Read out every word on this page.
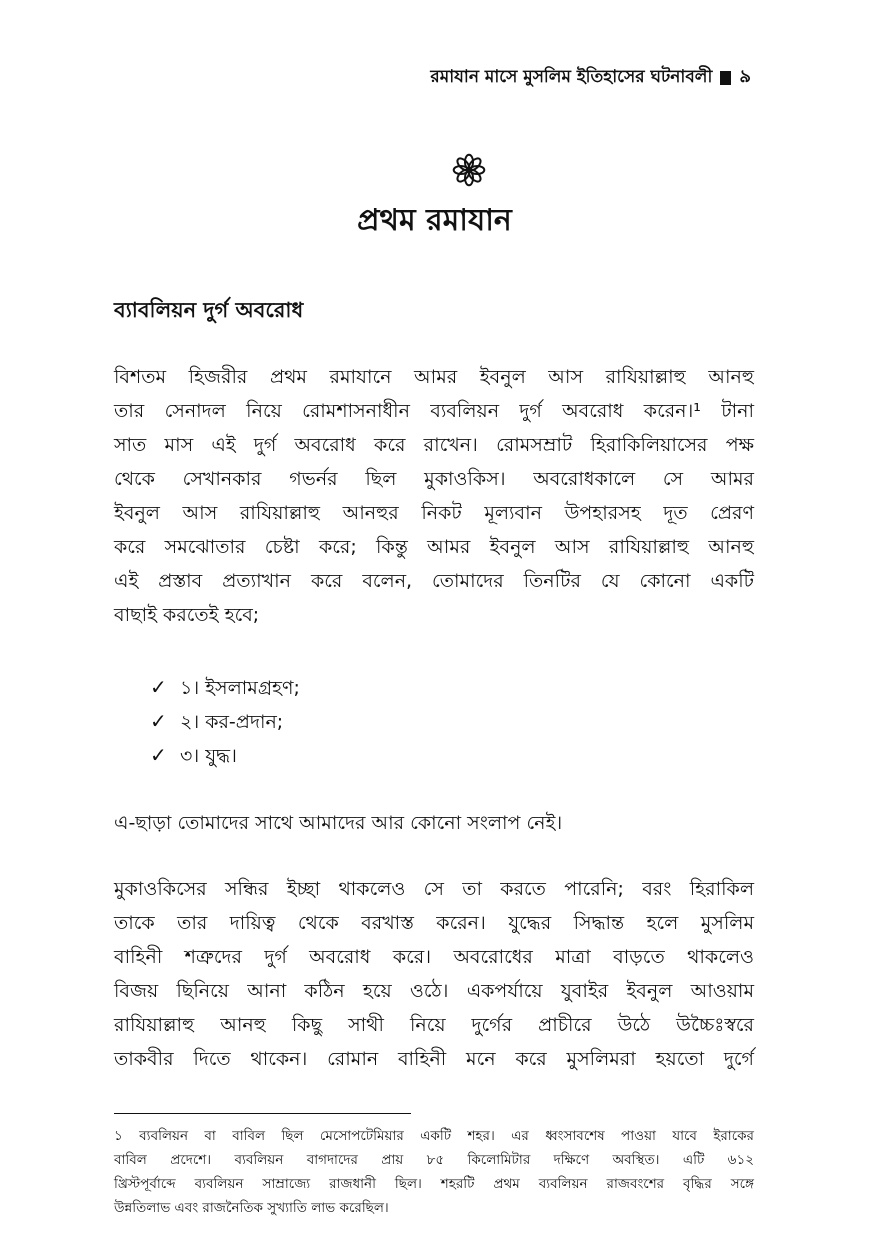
রমাযান মাসে মুসলিম ইতিহাসের ঘটনাবলী ৯
প্রথম রমাযান
ব্যাবলিয়ন দুর্গ অবরোধ
বিশতম হিজরীর প্রথম রমাযানে আমর ইবনুল আস রাযিয়াল্লাহু আনহু
তার সেনাদল নিয়ে রোমশাসনাধীন ব্যবলিয়ন দুর্গ অবরোধ করেন।¹ টানা
সাত মাস এই দুর্গ অবরোধ করে রাখেন। রোমসম্রাট হিরাকিলিয়াসের পক্ষ
থেকে সেখানকার গভর্নর ছিল মুকাওকিস। অবরোধকালে সে আমর
ইবনুল আস রাযিয়াল্লাহু আনহুর নিকট মূল্যবান উপহারসহ দূত প্রেরণ
করে সমঝোতার চেষ্টা করে; কিন্তু আমর ইবনুল আস রাযিয়াল্লাহু আনহু
এই প্রস্তাব প্রত্যাখান করে বলেন, তোমাদের তিনটির যে কোনো একটি
বাছাই করতেই হবে;
✓ ১। ইসলামগ্রহণ;
✓ ২। কর-প্রদান;
✓ ৩। যুদ্ধ।
এ-ছাড়া তোমাদের সাথে আমাদের আর কোনো সংলাপ নেই।
মুকাওকিসের সন্ধির ইচ্ছা থাকলেও সে তা করতে পারেনি; বরং হিরাকিল
তাকে তার দায়িত্ব থেকে বরখাস্ত করেন। যুদ্ধের সিদ্ধান্ত হলে মুসলিম
বাহিনী শত্রুদের দুর্গ অবরোধ করে। অবরোধের মাত্রা বাড়তে থাকলেও
বিজয় ছিনিয়ে আনা কঠিন হয়ে ওঠে। একপর্যায়ে যুবাইর ইবনুল আওয়াম
রাযিয়াল্লাহু আনহু কিছু সাথী নিয়ে দুর্গের প্রাচীরে উঠে উচ্চৈঃস্বরে
তাকবীর দিতে থাকেন। রোমান বাহিনী মনে করে মুসলিমরা হয়তো দুর্গে
১ ব্যবলিয়ন বা বাবিল ছিল মেসোপটেমিয়ার একটি শহর। এর ধ্বংসাবশেষ পাওয়া যাবে ইরাকের
বাবিল প্রদেশে। ব্যবলিয়ন বাগদাদের প্রায় ৮৫ কিলোমিটার দক্ষিণে অবস্থিত। এটি ৬১২
খ্রিস্টপূর্বাব্দে ব্যবলিয়ন সাম্রাজ্যে রাজধানী ছিল। শহরটি প্রথম ব্যবলিয়ন রাজবংশের বৃদ্ধির সঙ্গে
উন্নতিলাভ এবং রাজনৈতিক সুখ্যাতি লাভ করেছিল।
